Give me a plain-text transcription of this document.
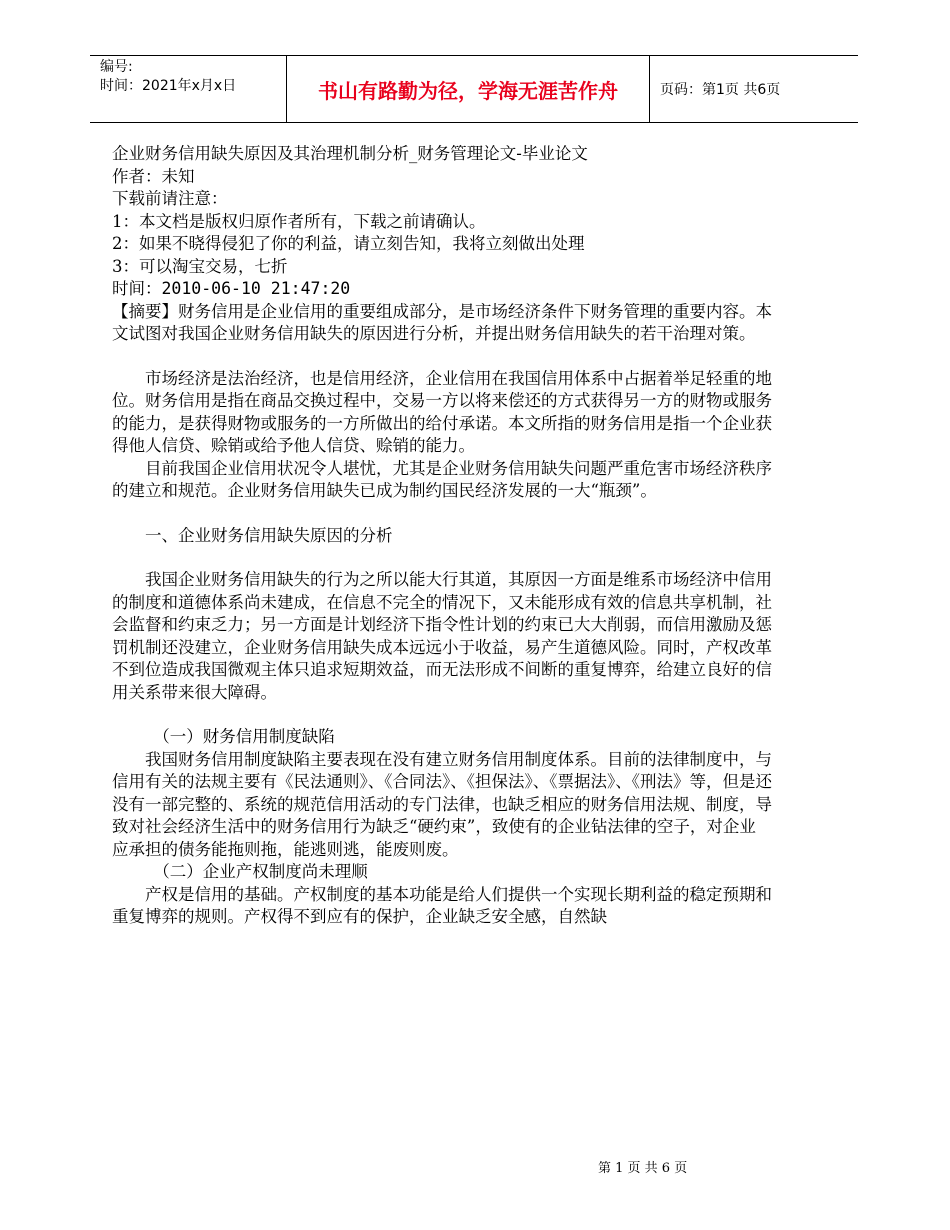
编号:
时间：2021年x月x日	书山有路勤为径，学海无涯苦作舟	页码：第1页 共6页

企业财务信用缺失原因及其治理机制分析_财务管理论文-毕业论文

作者：未知

下载前请注意：

1：本文档是版权归原作者所有，下载之前请确认。

2：如果不晓得侵犯了你的利益，请立刻告知，我将立刻做出处理

3：可以淘宝交易，七折

时间：2010-06-10 21:47:20

【摘要】财务信用是企业信用的重要组成部分，是市场经济条件下财务管理的重要内容。本文试图对我国企业财务信用缺失的原因进行分析，并提出财务信用缺失的若干治理对策。

市场经济是法治经济，也是信用经济，企业信用在我国信用体系中占据着举足轻重的地位。财务信用是指在商品交换过程中，交易一方以将来偿还的方式获得另一方的财物或服务的能力，是获得财物或服务的一方所做出的给付承诺。本文所指的财务信用是指一个企业获得他人信贷、赊销或给予他人信贷、赊销的能力。

目前我国企业信用状况令人堪忧，尤其是企业财务信用缺失问题严重危害市场经济秩序的建立和规范。企业财务信用缺失已成为制约国民经济发展的一大“瓶颈”。

一、企业财务信用缺失原因的分析

我国企业财务信用缺失的行为之所以能大行其道，其原因一方面是维系市场经济中信用的制度和道德体系尚未建成，在信息不完全的情况下，又未能形成有效的信息共享机制，社会监督和约束乏力；另一方面是计划经济下指令性计划的约束已大大削弱，而信用激励及惩罚机制还没建立，企业财务信用缺失成本远远小于收益，易产生道德风险。同时，产权改革不到位造成我国微观主体只追求短期效益，而无法形成不间断的重复博弈，给建立良好的信用关系带来很大障碍。

（一）财务信用制度缺陷

我国财务信用制度缺陷主要表现在没有建立财务信用制度体系。目前的法律制度中，与信用有关的法规主要有《民法通则》、《合同法》、《担保法》、《票据法》、《刑法》等，但是还没有一部完整的、系统的规范信用活动的专门法律，也缺乏相应的财务信用法规、制度，导致对社会经济生活中的财务信用行为缺乏“硬约束”，致使有的企业钻法律的空子，对企业应承担的债务能拖则拖，能逃则逃，能废则废。

（二）企业产权制度尚未理顺

产权是信用的基础。产权制度的基本功能是给人们提供一个实现长期利益的稳定预期和重复博弈的规则。产权得不到应有的保护，企业缺乏安全感，自然缺

第 1 页 共 6 页
